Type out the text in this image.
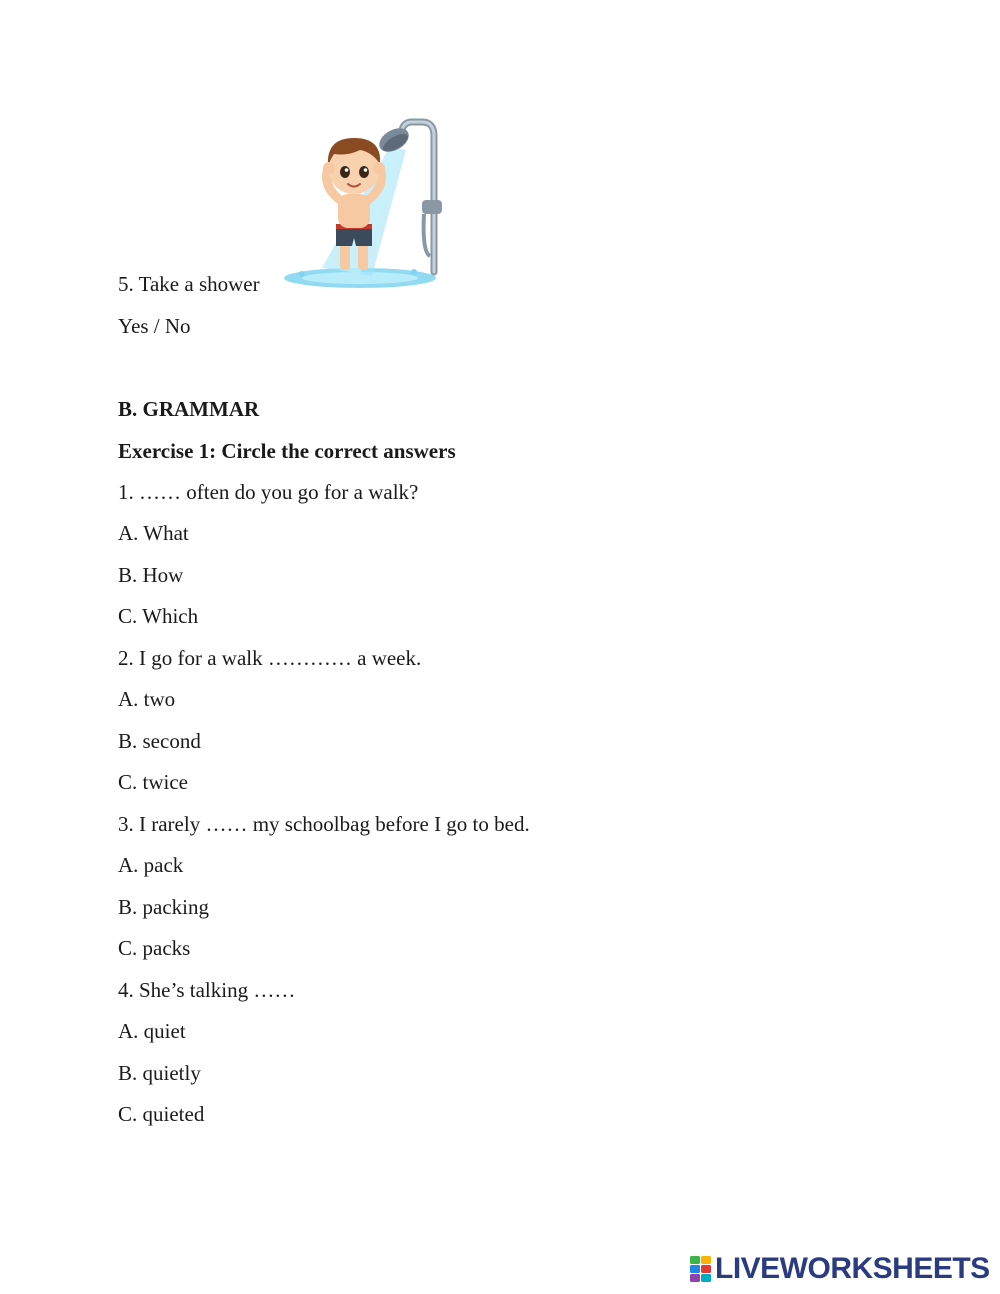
5. Take a shower
Yes / No
B. GRAMMAR
Exercise 1: Circle the correct answers
1. …… often do you go for a walk?
A. What
B. How
C. Which
2. I go for a walk ………… a week.
A. two
B. second
C. twice
3. I rarely …… my schoolbag before I go to bed.
A. pack
B. packing
C. packs
4. She’s talking ……
A. quiet
B. quietly
C. quieted
LIVEWORKSHEETS
